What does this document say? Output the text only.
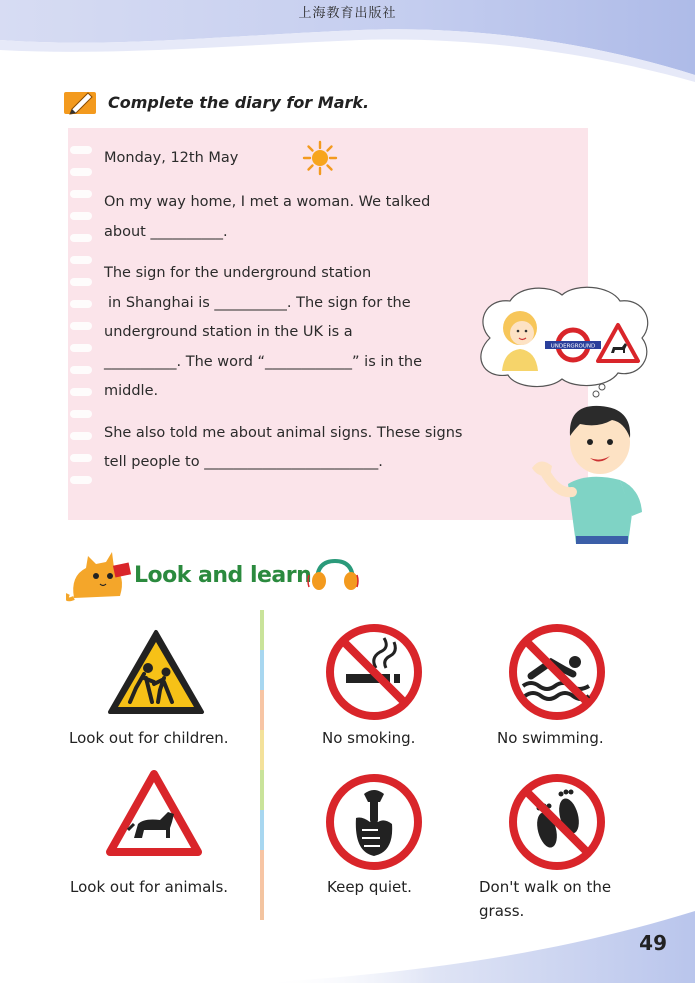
上海教育出版社
Complete the diary for Mark.

Monday, 12th May

On my way home, I met a woman. We talked

about __________.

The sign for the underground station

in Shanghai is __________. The sign for the

underground station in the UK is a

__________. The word “____________” is in the

middle.

She also told me about animal signs. These signs

tell people to ________________________.

UNDERGROUND
Look and learn
Look out for children.	No smoking.	No swimming.
Look out for animals.	Keep quiet.	Don't walk on the
grass.
49
